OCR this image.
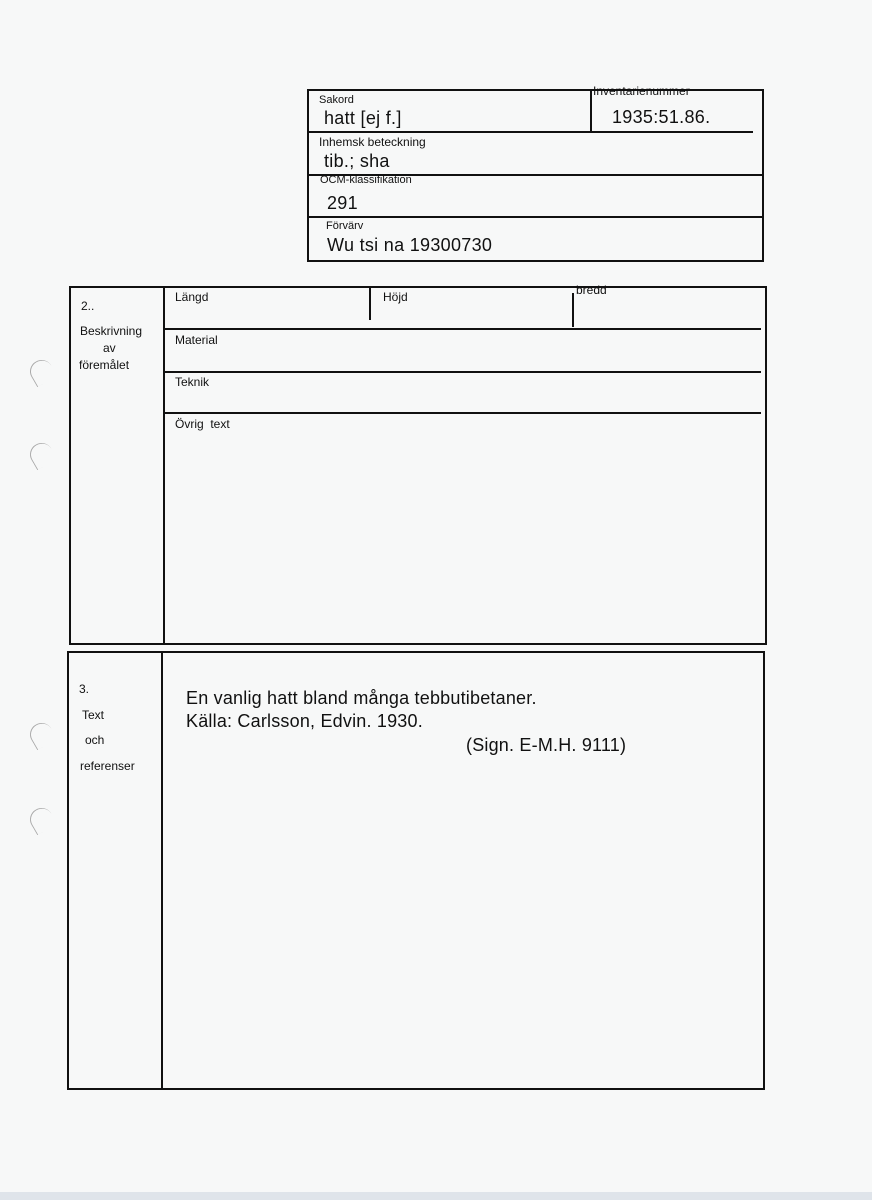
Sakord
hatt [ej f.]
Inventarienummer
1935:51.86.
Inhemsk beteckning
tib.; sha
OCM-klassifikation
291
Förvärv
Wu tsi na 19300730
2..
Beskrivning
av
föremålet
Längd	Höjd	bredd
Material
Teknik
Övrig  text
3.
Text
och
referenser
En vanlig hatt bland många tebbutibetaner.
Källa: Carlsson, Edvin. 1930.
(Sign. E-M.H. 9111)
